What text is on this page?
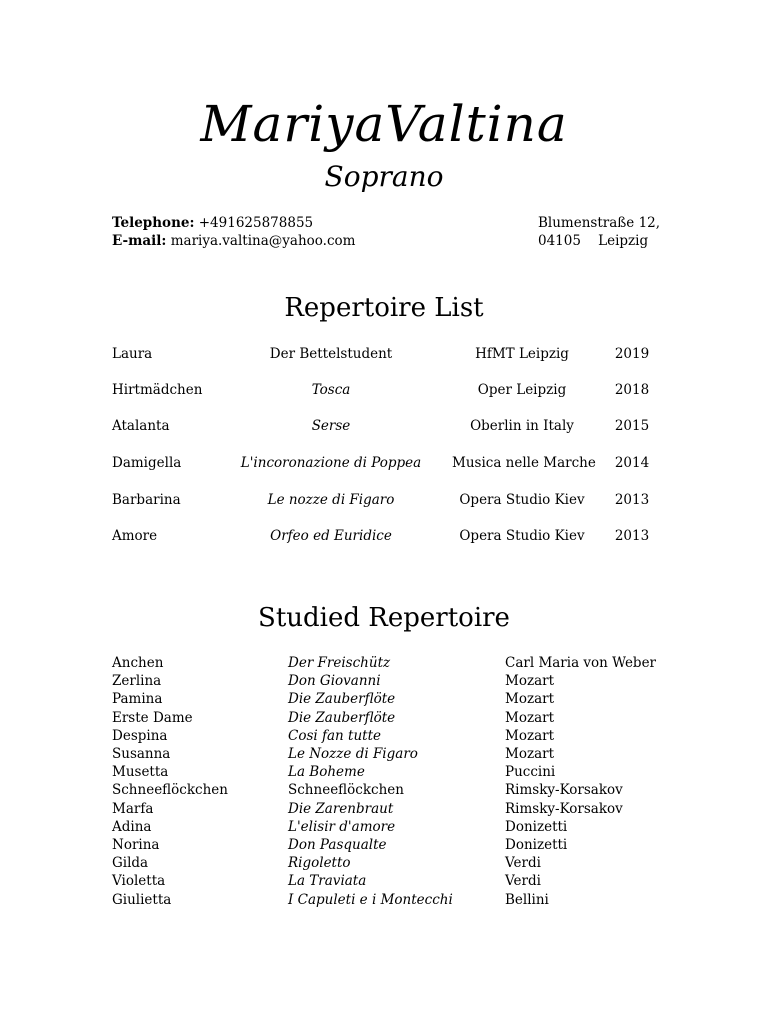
MariyaValtina
Soprano
Telephone: +491625878855
E-mail: mariya.valtina@yahoo.com
Blumenstraße 12,
04105    Leipzig
Repertoire List
Laura	Der Bettelstudent	HfMT Leipzig	2019
Hirtmädchen	Tosca	Oper Leipzig	2018
Atalanta	Serse	Oberlin in Italy	2015
Damigella	L'incoronazione di Poppea	Musica nelle Marche	2014
Barbarina	Le nozze di Figaro	Opera Studio Kiev	2013
Amore	Orfeo ed Euridice	Opera Studio Kiev	2013
Studied Repertoire
Anchen	Der Freischütz	Carl Maria von Weber
Zerlina	Don Giovanni	Mozart
Pamina	Die Zauberflöte	Mozart
Erste Dame	Die Zauberflöte	Mozart
Despina	Cosi fan tutte	Mozart
Susanna	Le Nozze di Figaro	Mozart
Musetta	La Boheme	Puccini
Schneeflöckchen	Schneeflöckchen	Rimsky-Korsakov
Marfa	Die Zarenbraut	Rimsky-Korsakov
Adina	L'elisir d'amore	Donizetti
Norina	Don Pasqualte	Donizetti
Gilda	Rigoletto	Verdi
Violetta	La Traviata	Verdi
Giulietta	I Capuleti e i Montecchi	Bellini
